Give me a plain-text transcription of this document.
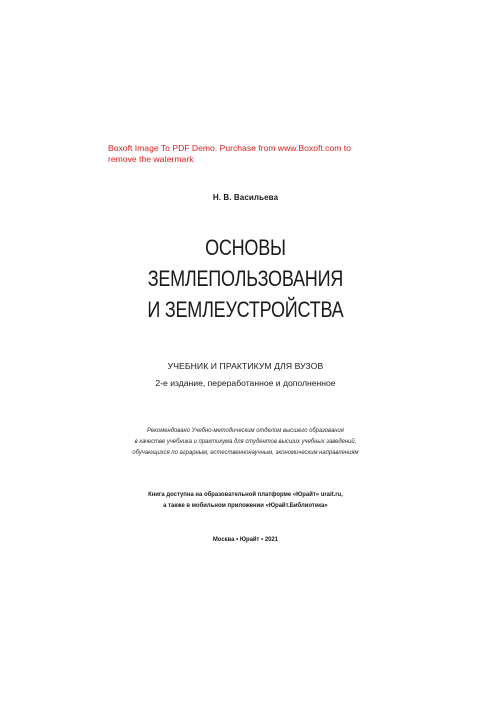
Boxoft Image To PDF Demo. Purchase from www.Boxoft.com to
remove the watermark
Н. В. Васильева
ОСНОВЫ
ЗЕМЛЕПОЛЬЗОВАНИЯ
И ЗЕМЛЕУСТРОЙСТВА
УЧЕБНИК И ПРАКТИКУМ ДЛЯ ВУЗОВ
2-е издание, переработанное и дополненное
Рекомендовано Учебно-методическим отделом высшего образования
в качестве учебника и практикума для студентов высших учебных заведений,
обучающихся по аграрным, естественнонаучным, экономическим направлениям
Книга доступна на образовательной платформе «Юрайт» urait.ru,
а также в мобильном приложении «Юрайт.Библиотека»
Москва • Юрайт • 2021
